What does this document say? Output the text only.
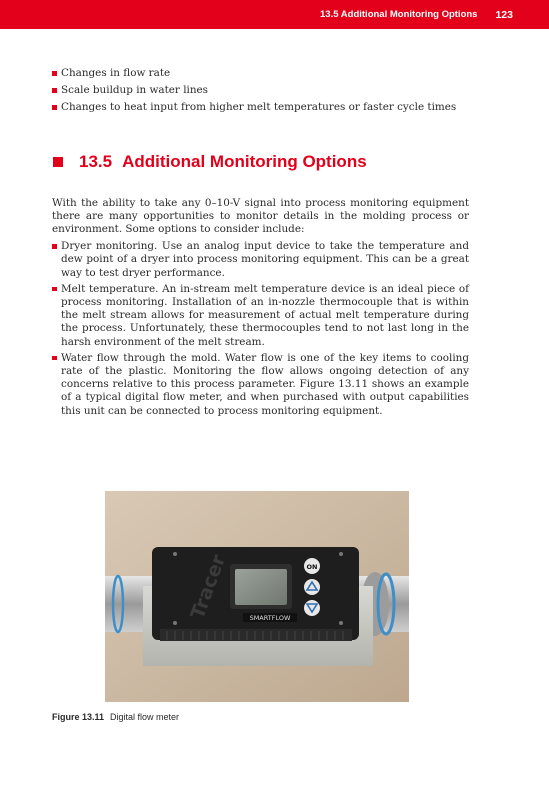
13.5 Additional Monitoring Options 123
Changes in flow rate
Scale buildup in water lines
Changes to heat input from higher melt temperatures or faster cycle times
13.5 Additional Monitoring Options

With the ability to take any 0–10-V signal into process monitoring equipment there are many opportunities to monitor details in the molding process or environment. Some options to consider include:

Dryer monitoring. Use an analog input device to take the temperature and dew point of a dryer into process monitoring equipment. This can be a great way to test dryer performance.
Melt temperature. An in-stream melt temperature device is an ideal piece of process monitoring. Installation of an in-nozzle thermocouple that is within the melt stream allows for measurement of actual melt temperature during the process. Unfortunately, these thermocouples tend to not last long in the harsh environment of the melt stream.
Water flow through the mold. Water flow is one of the key items to cooling rate of the plastic. Monitoring the flow allows ongoing detection of any concerns relative to this process parameter. Figure 13.11 shows an example of a typical digital flow meter, and when purchased with output capabilities this unit can be connected to process monitoring equipment.
Tracer	SMARTFLOW
ON
Figure 13.11 Digital flow meter
